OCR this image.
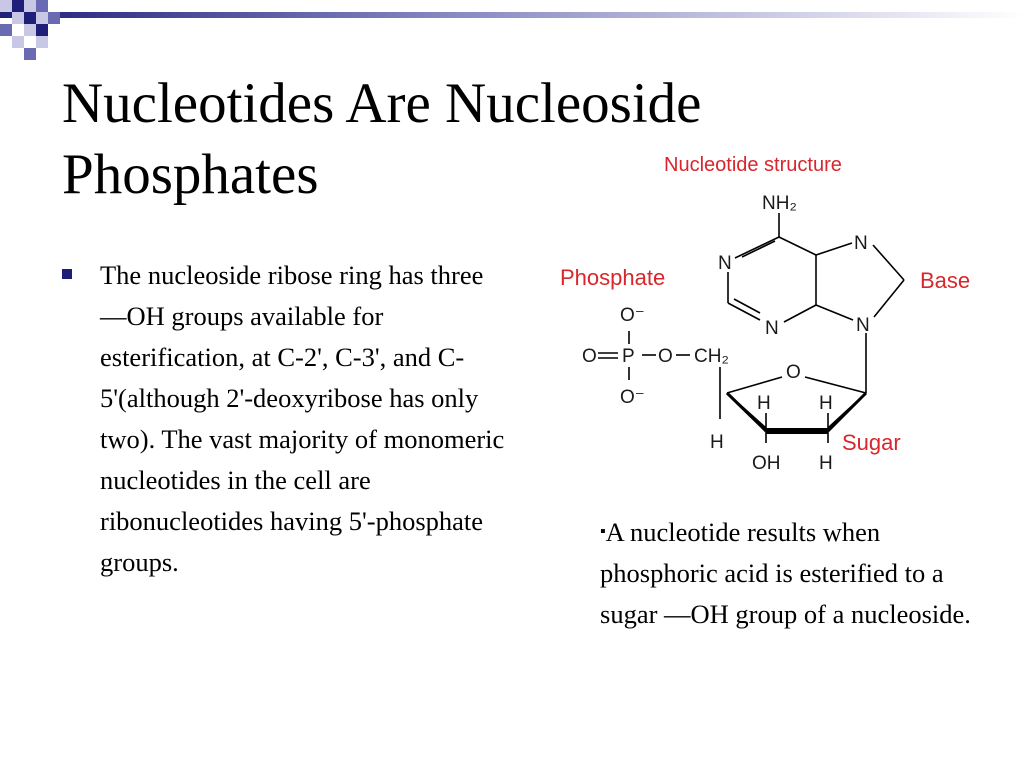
Nucleotides Are Nucleoside
Phosphates
The nucleoside ribose ring has three —OH groups available for esterification, at C-2', C-3', and C-5'(although 2'-deoxyribose has only two). The vast majority of monomeric nucleotides in the cell are ribonucleotides having 5'-phosphate groups.
Nucleotide structure
Phosphate	Base
Sugar
NH₂
N
N
N
N
O⁻
O P O CH₂
O⁻
O
H	H
H
H
OH
▪A nucleotide results when phosphoric acid is esterified to a sugar —OH group of a nucleoside.
